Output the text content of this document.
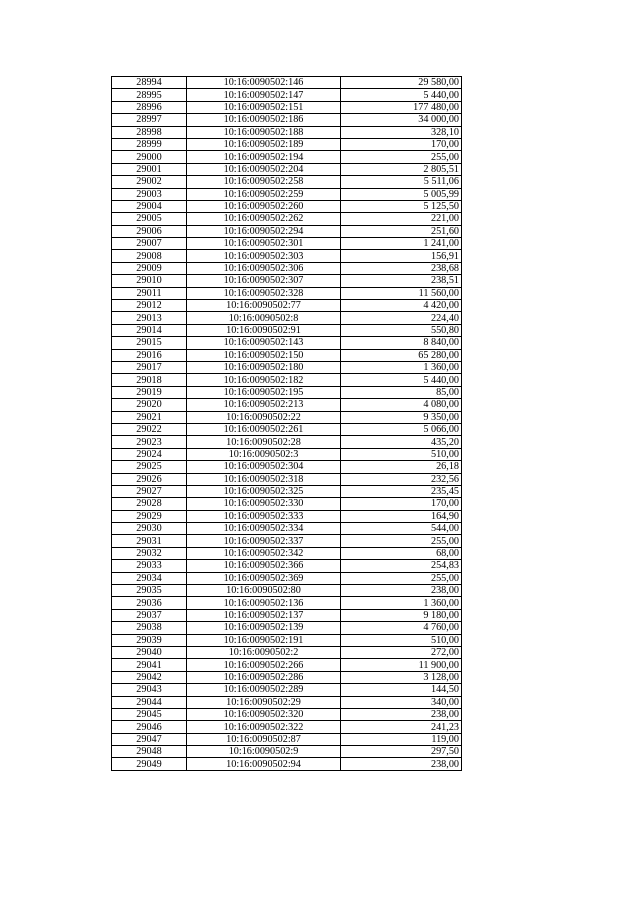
28994	10:16:0090502:146	29 580,00
28995	10:16:0090502:147	5 440,00
28996	10:16:0090502:151	177 480,00
28997	10:16:0090502:186	34 000,00
28998	10:16:0090502:188	328,10
28999	10:16:0090502:189	170,00
29000	10:16:0090502:194	255,00
29001	10:16:0090502:204	2 805,51
29002	10:16:0090502:258	5 511,06
29003	10:16:0090502:259	5 005,99
29004	10:16:0090502:260	5 125,50
29005	10:16:0090502:262	221,00
29006	10:16:0090502:294	251,60
29007	10:16:0090502:301	1 241,00
29008	10:16:0090502:303	156,91
29009	10:16:0090502:306	238,68
29010	10:16:0090502:307	238,51
29011	10:16:0090502:328	11 560,00
29012	10:16:0090502:77	4 420,00
29013	10:16:0090502:8	224,40
29014	10:16:0090502:91	550,80
29015	10:16:0090502:143	8 840,00
29016	10:16:0090502:150	65 280,00
29017	10:16:0090502:180	1 360,00
29018	10:16:0090502:182	5 440,00
29019	10:16:0090502:195	85,00
29020	10:16:0090502:213	4 080,00
29021	10:16:0090502:22	9 350,00
29022	10:16:0090502:261	5 066,00
29023	10:16:0090502:28	435,20
29024	10:16:0090502:3	510,00
29025	10:16:0090502:304	26,18
29026	10:16:0090502:318	232,56
29027	10:16:0090502:325	235,45
29028	10:16:0090502:330	170,00
29029	10:16:0090502:333	164,90
29030	10:16:0090502:334	544,00
29031	10:16:0090502:337	255,00
29032	10:16:0090502:342	68,00
29033	10:16:0090502:366	254,83
29034	10:16:0090502:369	255,00
29035	10:16:0090502:80	238,00
29036	10:16:0090502:136	1 360,00
29037	10:16:0090502:137	9 180,00
29038	10:16:0090502:139	4 760,00
29039	10:16:0090502:191	510,00
29040	10:16:0090502:2	272,00
29041	10:16:0090502:266	11 900,00
29042	10:16:0090502:286	3 128,00
29043	10:16:0090502:289	144,50
29044	10:16:0090502:29	340,00
29045	10:16:0090502:320	238,00
29046	10:16:0090502:322	241,23
29047	10:16:0090502:87	119,00
29048	10:16:0090502:9	297,50
29049	10:16:0090502:94	238,00
